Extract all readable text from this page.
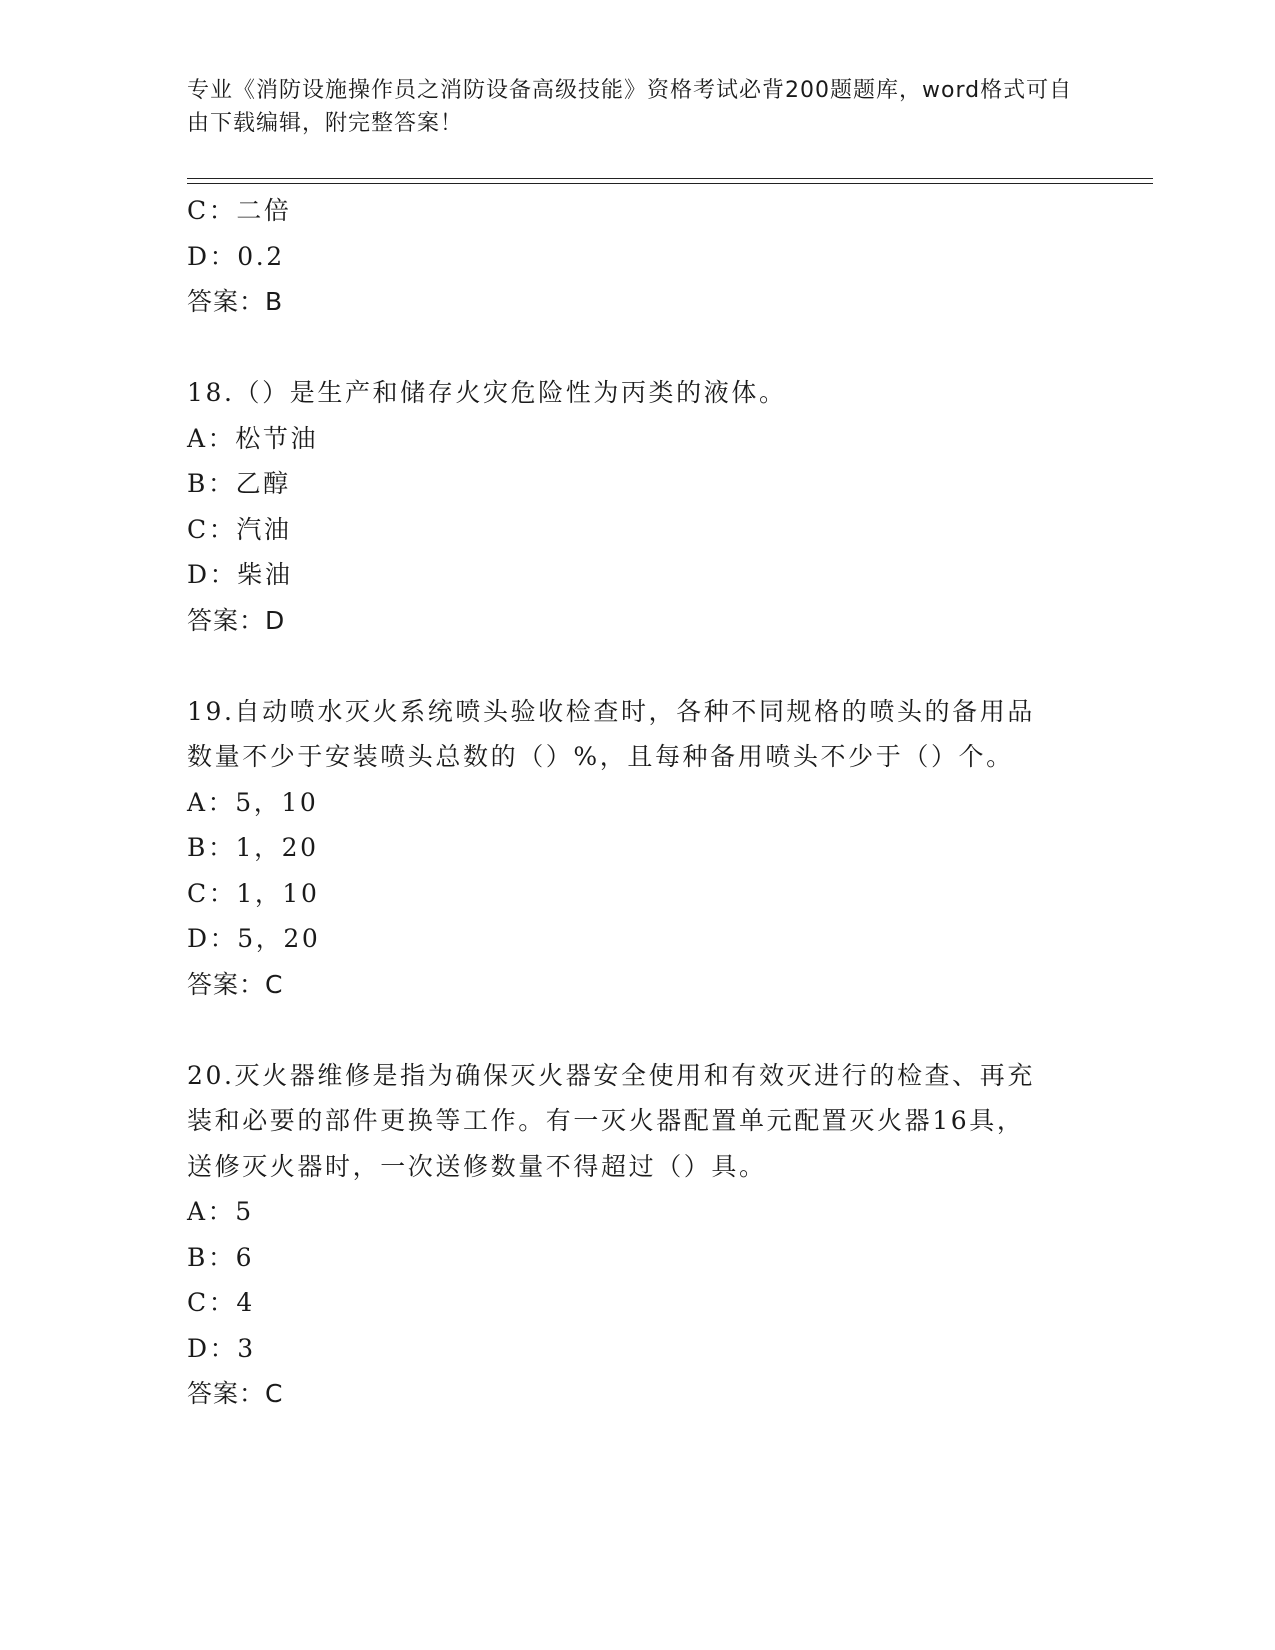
专业《消防设施操作员之消防设备高级技能》资格考试必背200题题库，word格式可自由下载编辑，附完整答案！
C：二倍
D：0.2
答案：B
18.（）是生产和储存火灾危险性为丙类的液体。
A：松节油
B：乙醇
C：汽油
D：柴油
答案：D
19.自动喷水灭火系统喷头验收检查时，各种不同规格的喷头的备用品
数量不少于安装喷头总数的（）%，且每种备用喷头不少于（）个。
A：5，10
B：1，20
C：1，10
D：5，20
答案：C
20.灭火器维修是指为确保灭火器安全使用和有效灭进行的检查、再充
装和必要的部件更换等工作。有一灭火器配置单元配置灭火器16具，
送修灭火器时，一次送修数量不得超过（）具。
A：5
B：6
C：4
D：3
答案：C
